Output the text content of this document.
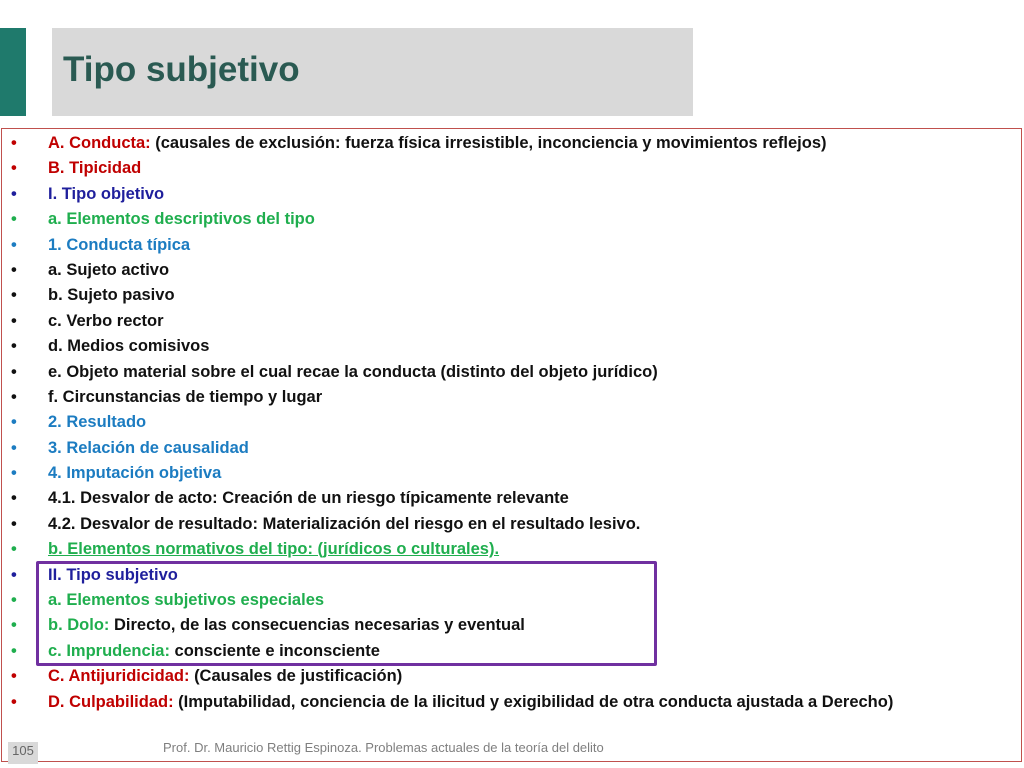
Tipo subjetivo
• A. Conducta: (causales de exclusión: fuerza física irresistible, inconciencia y movimientos reflejos)
• B. Tipicidad
• I. Tipo objetivo
• a. Elementos descriptivos del tipo
• 1. Conducta típica
• a. Sujeto activo
• b. Sujeto pasivo
• c. Verbo rector
• d. Medios comisivos
• e. Objeto material sobre el cual recae la conducta (distinto del objeto jurídico)
• f. Circunstancias de tiempo y lugar
• 2. Resultado
• 3. Relación de causalidad
• 4. Imputación objetiva
• 4.1. Desvalor de acto: Creación de un riesgo típicamente relevante
• 4.2. Desvalor de resultado: Materialización del riesgo en el resultado lesivo.
• b. Elementos normativos del tipo: (jurídicos o culturales).
• II. Tipo subjetivo
• a. Elementos subjetivos especiales
• b. Dolo: Directo, de las consecuencias necesarias y eventual
• c. Imprudencia: consciente e inconsciente
• C. Antijuridicidad: (Causales de justificación)
• D. Culpabilidad: (Imputabilidad, conciencia de la ilicitud y exigibilidad de otra conducta ajustada a Derecho)
105	Prof. Dr. Mauricio Rettig Espinoza. Problemas actuales de la teoría del delito
